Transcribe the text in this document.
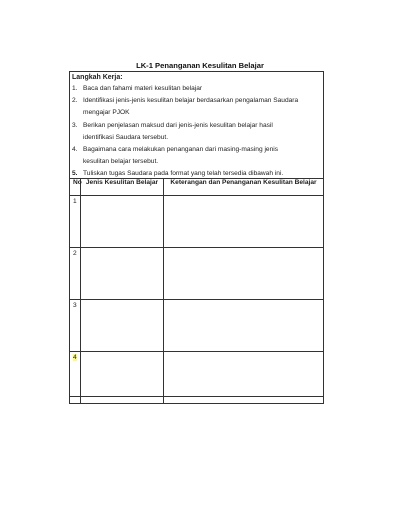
LK-1 Penanganan Kesulitan Belajar
Langkah Kerja:
1. Baca dan fahami materi kesulitan belajar
2. Identifikasi jenis-jenis kesulitan belajar berdasarkan pengalaman Saudara
mengajar PJOK
3. Berikan penjelasan maksud dari jenis-jenis kesulitan belajar hasil
identifikasi Saudara tersebut.
4. Bagaimana cara melakukan penanganan dari masing-masing jenis
kesulitan belajar tersebut.
5. Tuliskan tugas Saudara pada format yang telah tersedia dibawah ini.
No	Jenis Kesulitan Belajar	Keterangan dan Penanganan Kesulitan Belajar
1		
2		
3		
4		
